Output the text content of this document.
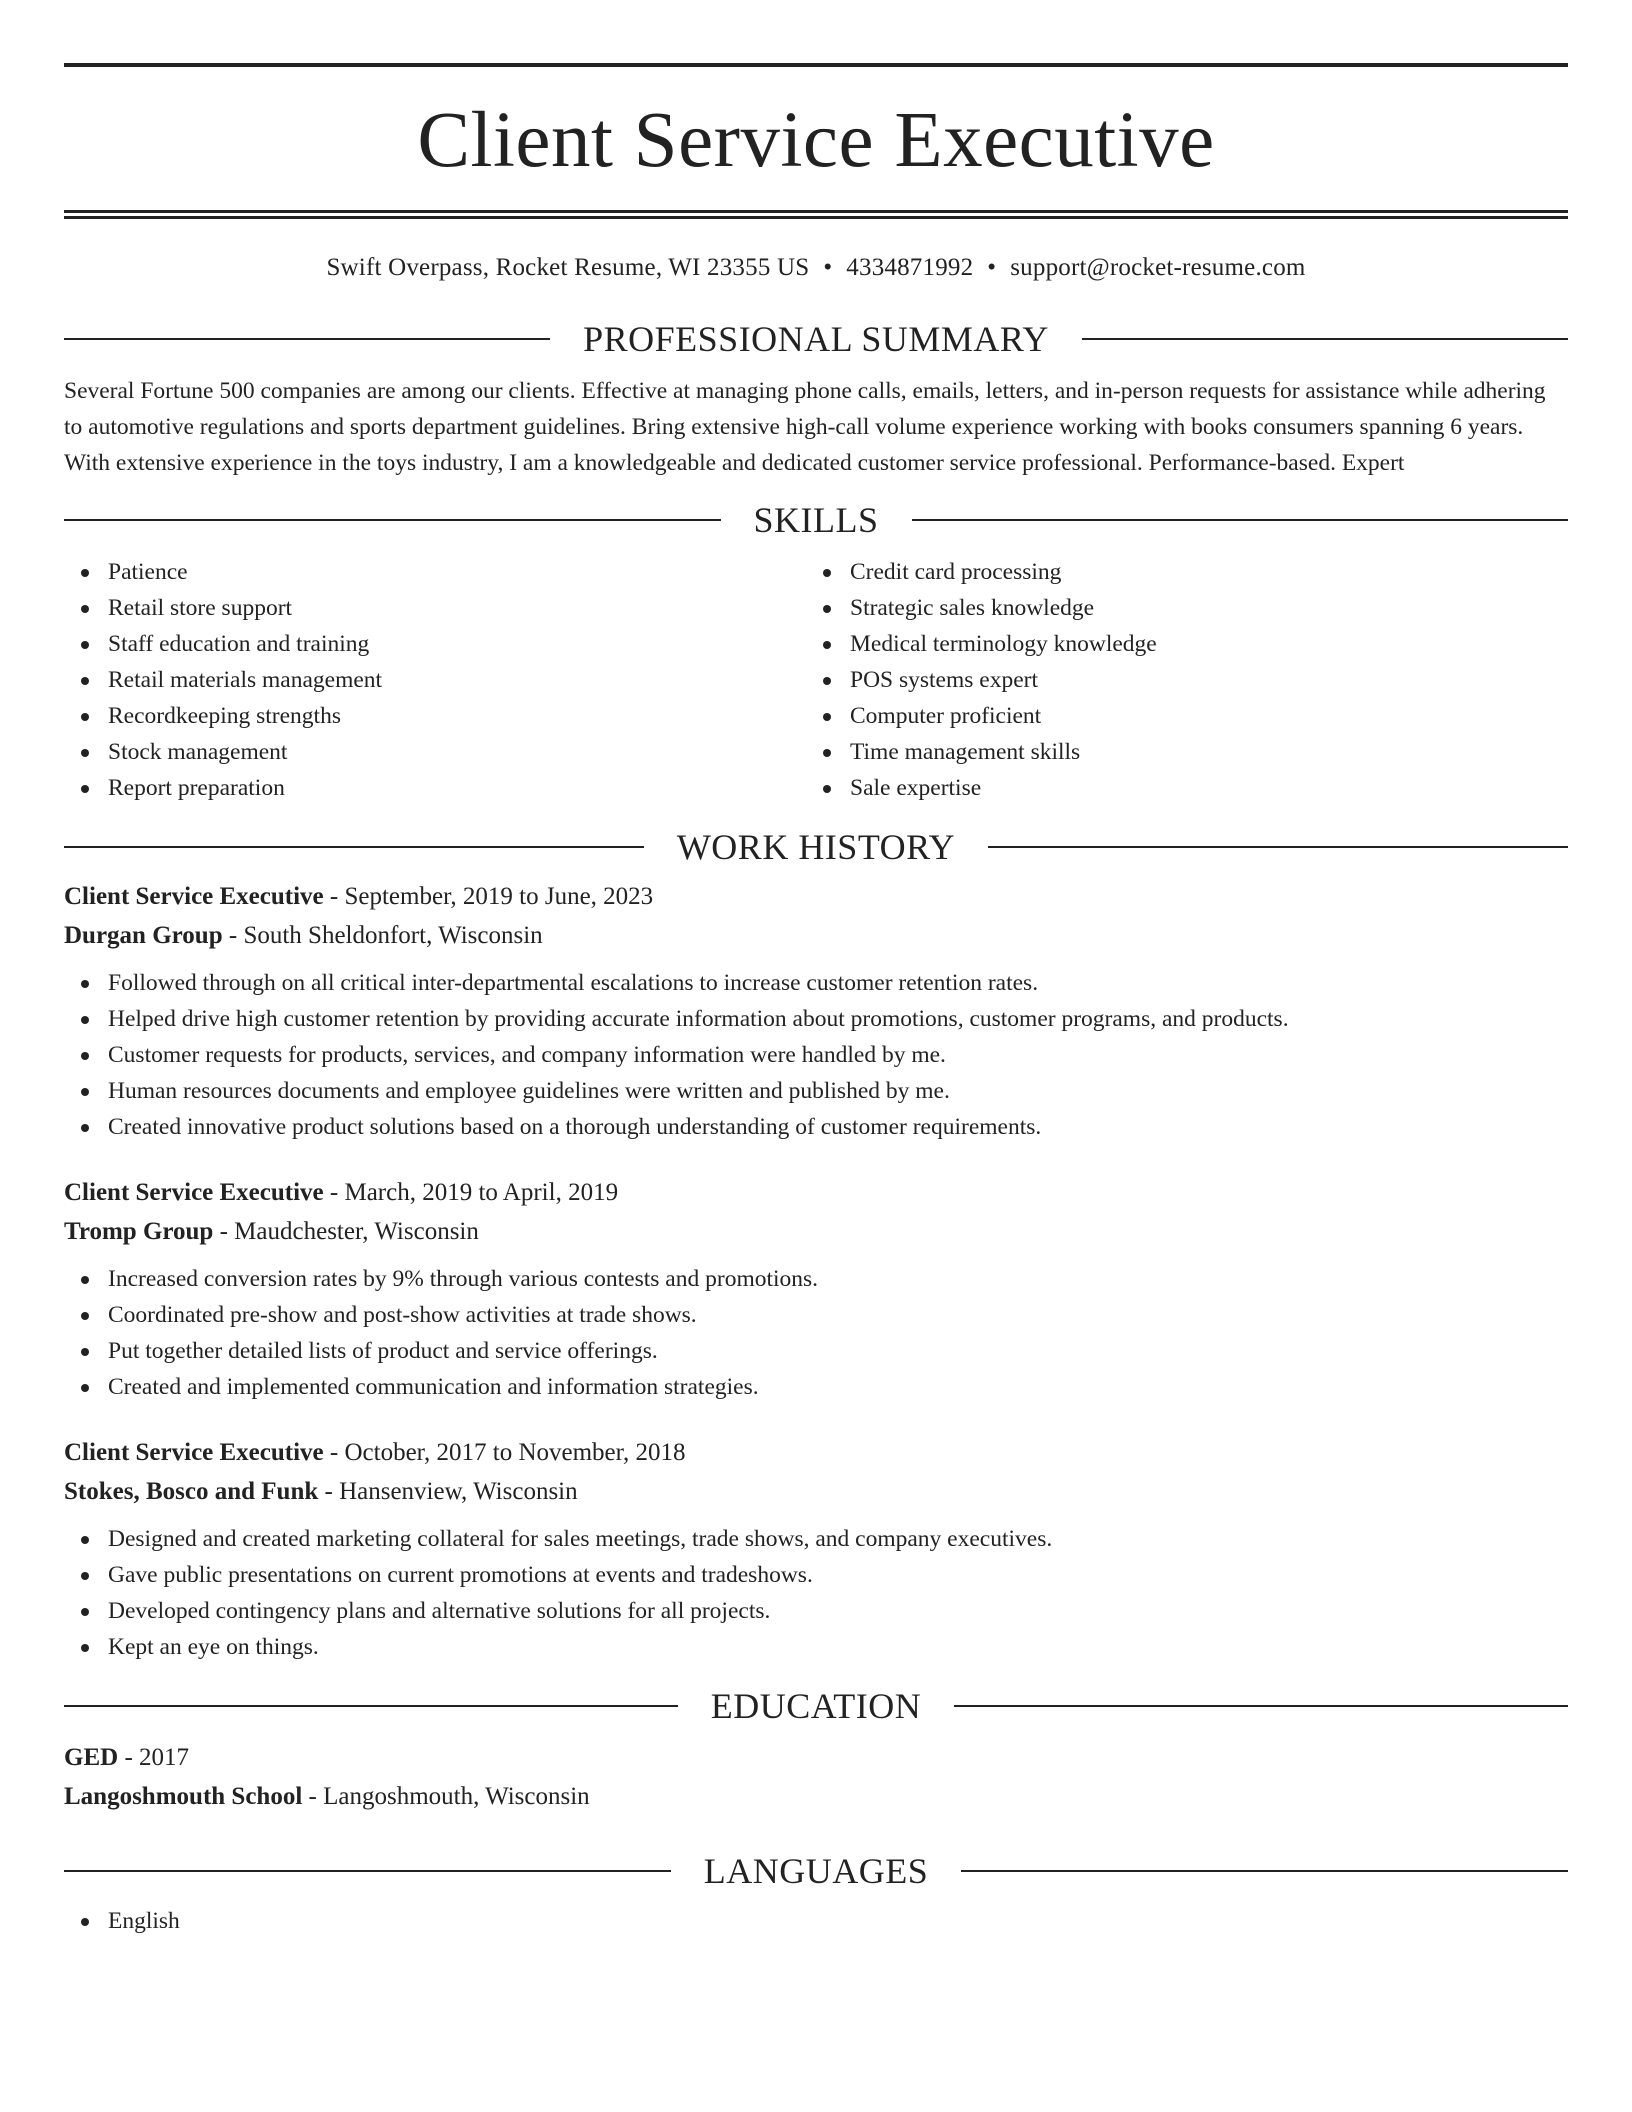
Client Service Executive
Swift Overpass, Rocket Resume, WI 23355 US • 4334871992 • support@rocket-resume.com
PROFESSIONAL SUMMARY
Several Fortune 500 companies are among our clients. Effective at managing phone calls, emails, letters, and in-person requests for assistance while adhering to automotive regulations and sports department guidelines. Bring extensive high-call volume experience working with books consumers spanning 6 years. With extensive experience in the toys industry, I am a knowledgeable and dedicated customer service professional. Performance-based. Expert
SKILLS
Patience
Retail store support
Staff education and training
Retail materials management
Recordkeeping strengths
Stock management
Report preparation
Credit card processing
Strategic sales knowledge
Medical terminology knowledge
POS systems expert
Computer proficient
Time management skills
Sale expertise
WORK HISTORY
Client Service Executive - September, 2019 to June, 2023
Durgan Group - South Sheldonfort, Wisconsin
Followed through on all critical inter-departmental escalations to increase customer retention rates.
Helped drive high customer retention by providing accurate information about promotions, customer programs, and products.
Customer requests for products, services, and company information were handled by me.
Human resources documents and employee guidelines were written and published by me.
Created innovative product solutions based on a thorough understanding of customer requirements.
Client Service Executive - March, 2019 to April, 2019
Tromp Group - Maudchester, Wisconsin
Increased conversion rates by 9% through various contests and promotions.
Coordinated pre-show and post-show activities at trade shows.
Put together detailed lists of product and service offerings.
Created and implemented communication and information strategies.
Client Service Executive - October, 2017 to November, 2018
Stokes, Bosco and Funk - Hansenview, Wisconsin
Designed and created marketing collateral for sales meetings, trade shows, and company executives.
Gave public presentations on current promotions at events and tradeshows.
Developed contingency plans and alternative solutions for all projects.
Kept an eye on things.
EDUCATION
GED - 2017
Langoshmouth School - Langoshmouth, Wisconsin
LANGUAGES
English
